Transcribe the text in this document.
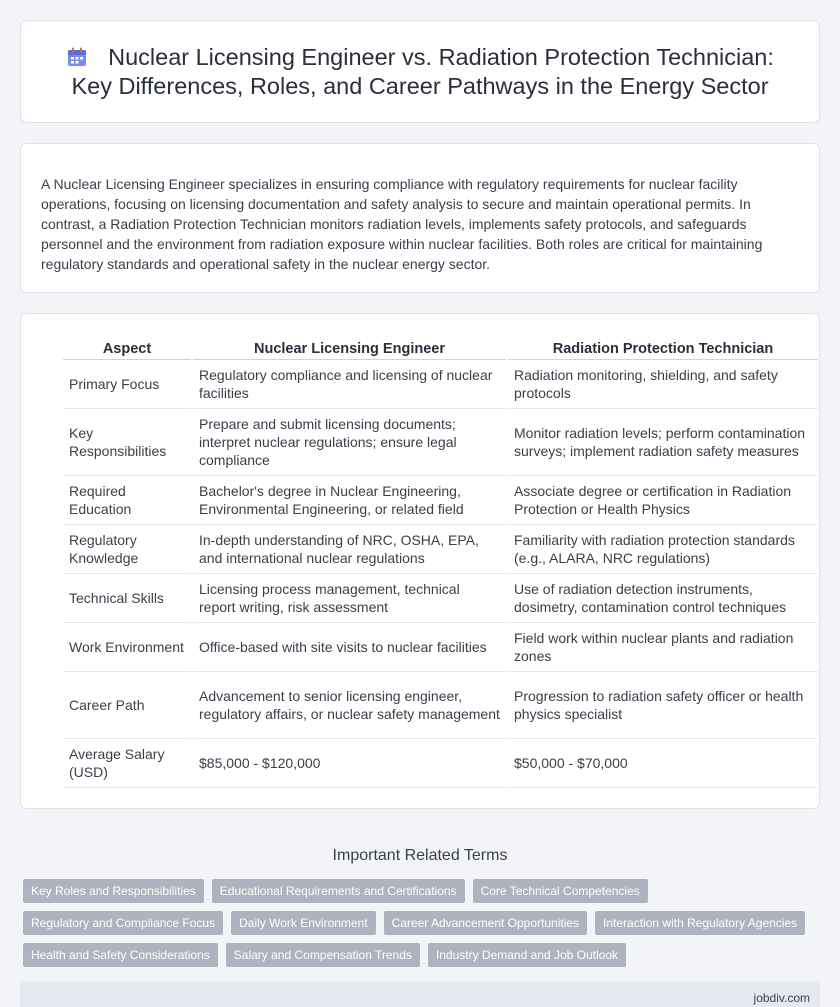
Nuclear Licensing Engineer vs. Radiation Protection Technician: Key Differences, Roles, and Career Pathways in the Energy Sector

A Nuclear Licensing Engineer specializes in ensuring compliance with regulatory requirements for nuclear facility operations, focusing on licensing documentation and safety analysis to secure and maintain operational permits. In contrast, a Radiation Protection Technician monitors radiation levels, implements safety protocols, and safeguards personnel and the environment from radiation exposure within nuclear facilities. Both roles are critical for maintaining regulatory standards and operational safety in the nuclear energy sector.

Aspect	Nuclear Licensing Engineer	Radiation Protection Technician
Primary Focus	Regulatory compliance and licensing of nuclear facilities	Radiation monitoring, shielding, and safety protocols
Key Responsibilities	Prepare and submit licensing documents; interpret nuclear regulations; ensure legal compliance	Monitor radiation levels; perform contamination surveys; implement radiation safety measures
Required Education	Bachelor's degree in Nuclear Engineering, Environmental Engineering, or related field	Associate degree or certification in Radiation Protection or Health Physics
Regulatory Knowledge	In-depth understanding of NRC, OSHA, EPA, and international nuclear regulations	Familiarity with radiation protection standards (e.g., ALARA, NRC regulations)
Technical Skills	Licensing process management, technical report writing, risk assessment	Use of radiation detection instruments, dosimetry, contamination control techniques
Work Environment	Office-based with site visits to nuclear facilities	Field work within nuclear plants and radiation zones
Career Path	Advancement to senior licensing engineer, regulatory affairs, or nuclear safety management	Progression to radiation safety officer or health physics specialist
Average Salary (USD)	$85,000 - $120,000	$50,000 - $70,000
Important Related Terms
Key Roles and Responsibilities	Educational Requirements and Certifications	Core Technical Competencies
Regulatory and Compliance Focus	Daily Work Environment	Career Advancement Opportunities	Interaction with Regulatory Agencies
Health and Safety Considerations	Salary and Compensation Trends	Industry Demand and Job Outlook
jobdiv.com
